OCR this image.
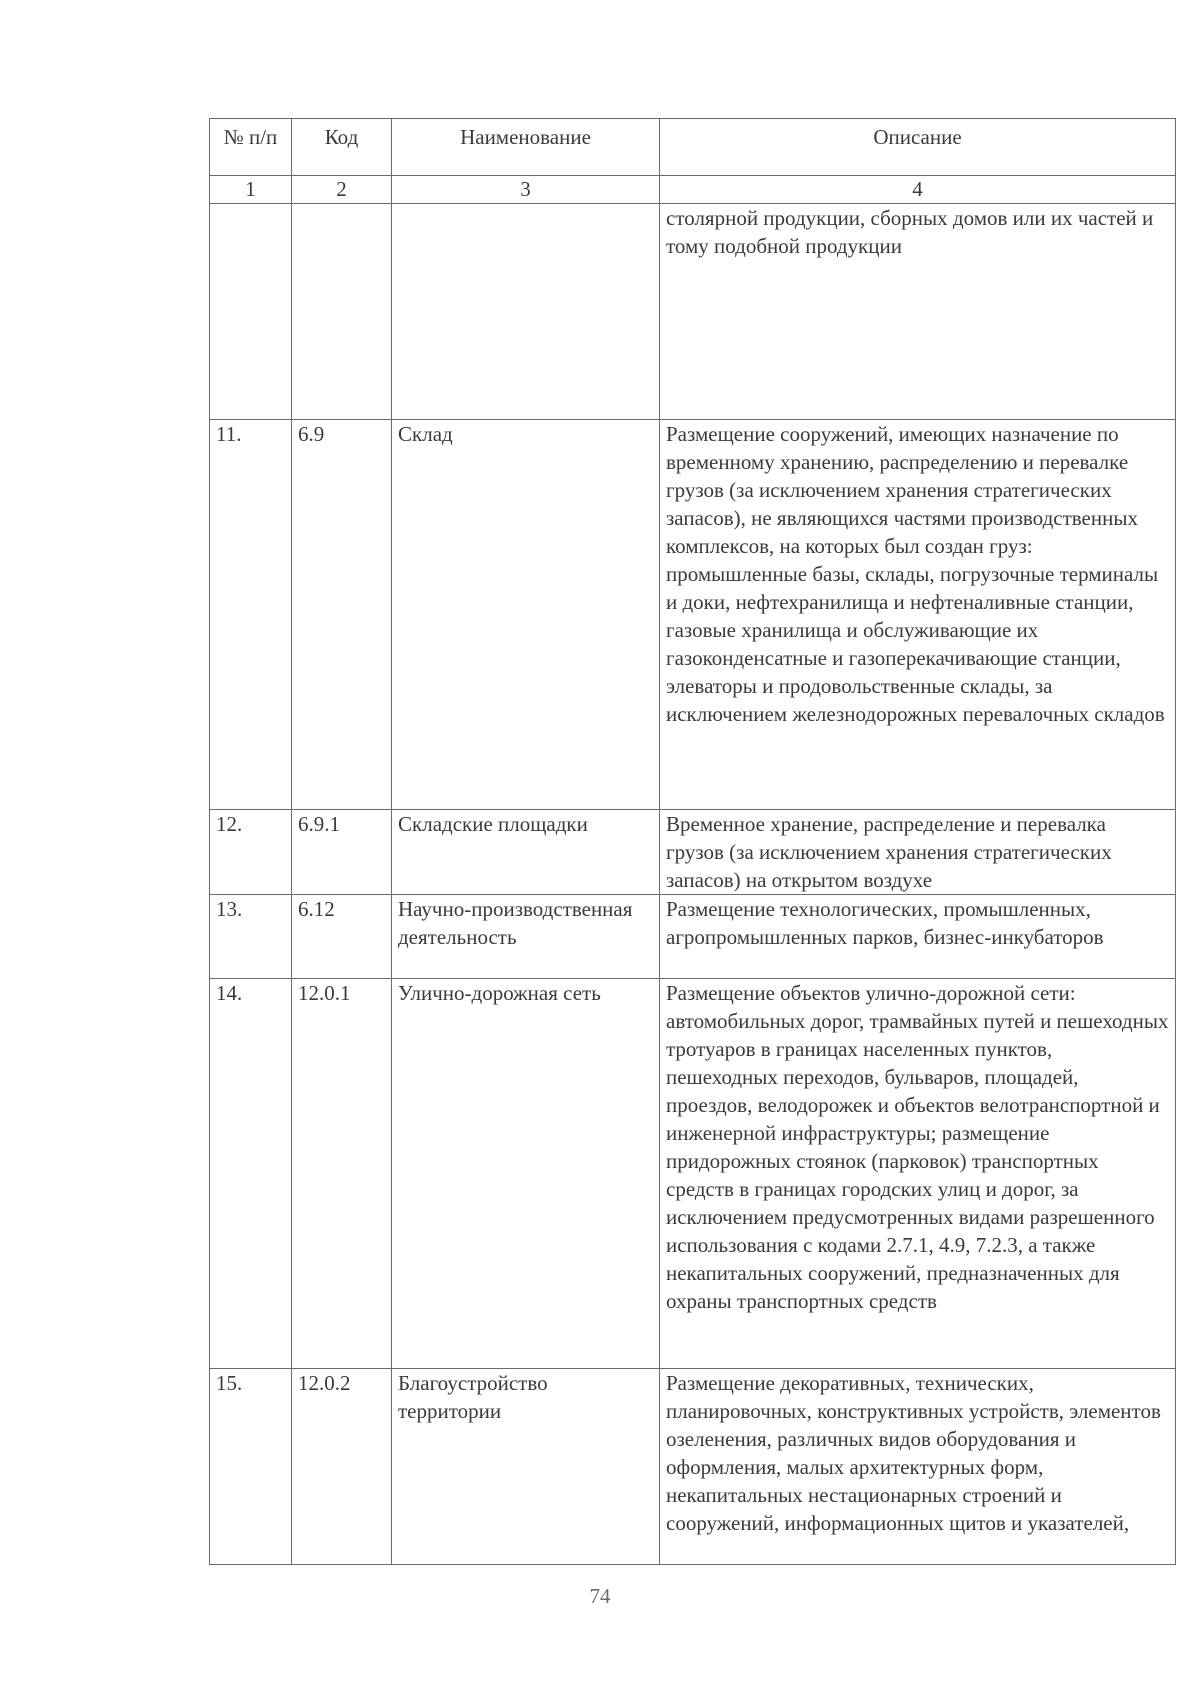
№ п/п	Код	Наименование	Описание
1	2	3	4
			столярной продукции, сборных домов или их частей и тому подобной продукции
11.	6.9	Склад	Размещение сооружений, имеющих назначение по временному хранению, распределению и перевалке грузов (за исключением хранения стратегических запасов), не являющихся частями производственных комплексов, на которых был создан груз: промышленные базы, склады, погрузочные терминалы и доки, нефтехранилища и нефтеналивные станции, газовые хранилища и обслуживающие их газоконденсатные и газоперекачивающие станции, элеваторы и продовольственные склады, за исключением железнодорожных перевалочных складов
12.	6.9.1	Складские площадки	Временное хранение, распределение и перевалка грузов (за исключением хранения стратегических запасов) на открытом воздухе
13.	6.12	Научно-производственная деятельность	Размещение технологических, промышленных, агропромышленных парков, бизнес-инкубаторов
14.	12.0.1	Улично-дорожная сеть	Размещение объектов улично-дорожной сети: автомобильных дорог, трамвайных путей и пешеходных тротуаров в границах населенных пунктов, пешеходных переходов, бульваров, площадей, проездов, велодорожек и объектов велотранспортной и инженерной инфраструктуры; размещение придорожных стоянок (парковок) транспортных средств в границах городских улиц и дорог, за исключением предусмотренных видами разрешенного использования с кодами 2.7.1, 4.9, 7.2.3, а также некапитальных сооружений, предназначенных для охраны транспортных средств
15.	12.0.2	Благоустройство территории	Размещение декоративных, технических, планировочных, конструктивных устройств, элементов озеленения, различных видов оборудования и оформления, малых архитектурных форм, некапитальных нестационарных строений и сооружений, информационных щитов и указателей,
74
